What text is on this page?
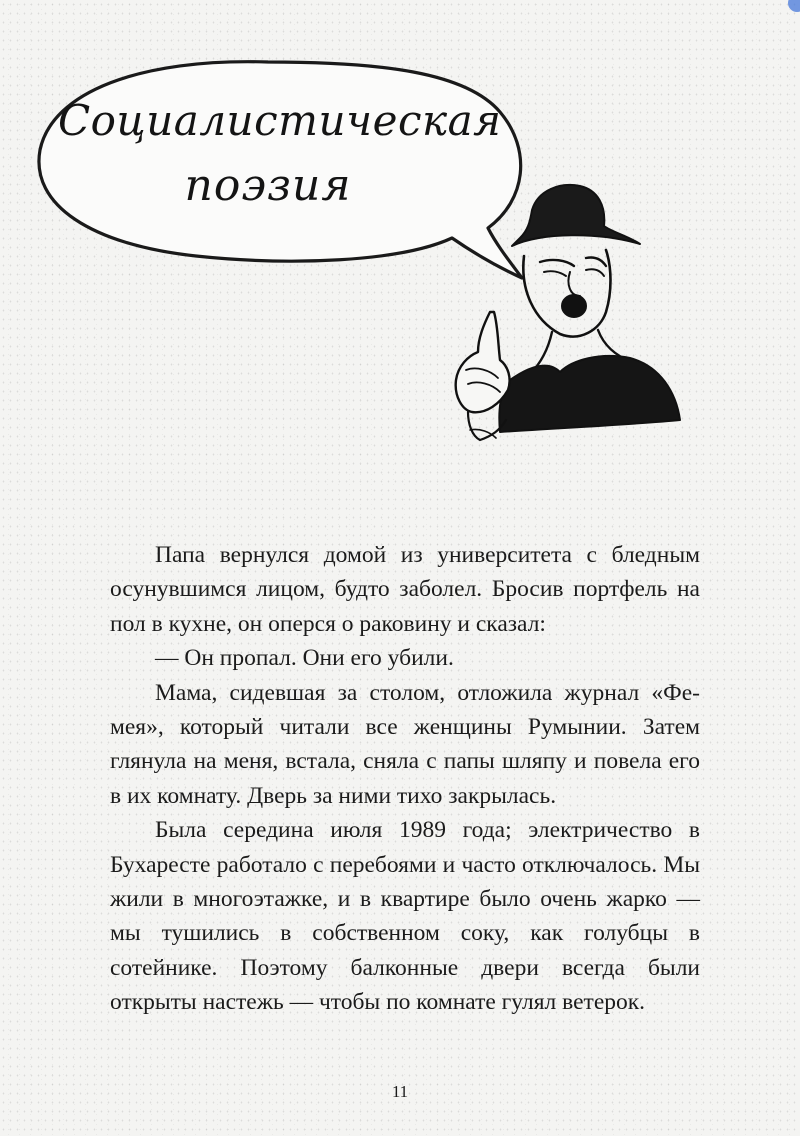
Социалистическая
поэзия

Папа вернулся домой из университета с бледным осунувшимся лицом, будто заболел. Бросив портфель на пол в кухне, он оперся о раковину и сказал:

— Он пропал. Они его убили.

Мама, сидевшая за столом, отложила журнал «Фемея», который читали все женщины Румынии. Затем глянула на меня, встала, сняла с папы шляпу и повела его в их комнату. Дверь за ними тихо закрылась.

Была середина июля 1989 года; электричество в Бухаресте работало с перебоями и часто отключалось. Мы жили в многоэтажке, и в квартире было очень жарко — мы тушились в собственном соку, как голубцы в сотейнике. Поэтому балконные двери всегда были открыты настежь — чтобы по комнате гулял ветерок.

11
